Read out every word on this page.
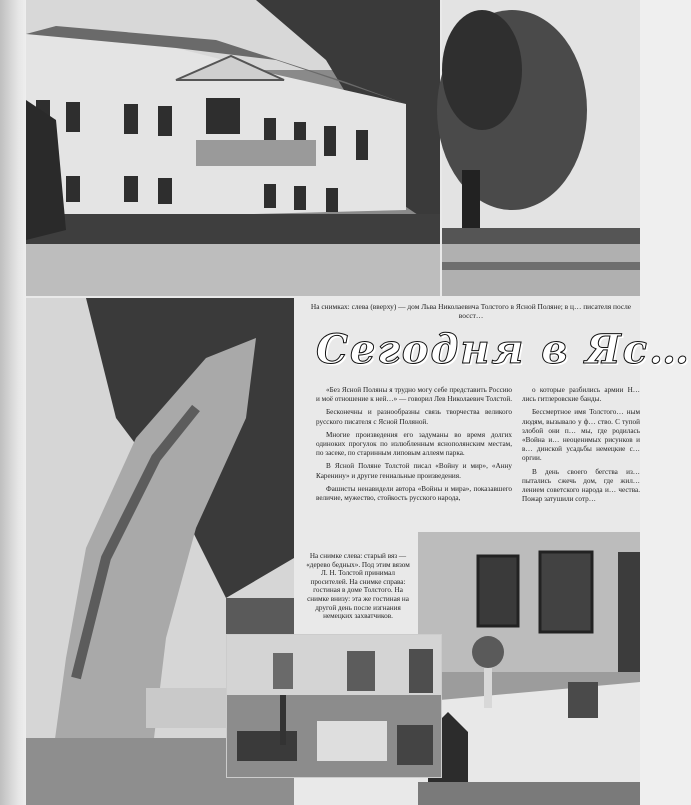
На снимках: слева (вверху) — дом Льва Николаевича Толстого в Ясной Поляне; в ц… писателя после восст…
Сегодня в Яс…

«Без Ясной Поляны я трудно могу себе представить Россию и моё отношение к ней…» — говорил Лев Николаевич Толстой.

Бесконечны и разнообразны связь творчества великого русского писателя с Ясной Поляной.

Многие произведения его задуманы во время долгих одиноких прогулок по излюбленным яснополянским местам, по засеке, по старинным липовым аллеям парка.

В Ясной Поляне Толстой писал «Войну и мир», «Анну Каренину» и другие гениальные произведения.

Фашисты ненавидели автора «Войны и мира», показавшего величие, мужество, стойкость русского народа,

о которые разбились армии Н… лись гитлеровские банды.

Бессмертное имя Толстого… ным людям, вызывало у ф… ство. С тупой злобой они п… мы, где родилась «Война и… неоценимых рисунков и в… динской усадьбы немецкие с… оргии.

В день своего бегства из… пытались сжечь дом, где жил… лением советского народа и… чества. Пожар затушили сотр…

На снимке слева: старый вяз — «дерево бедных». Под этим вязом Л. Н. Толстой принимал просителей. На снимке справа: гостиная в доме Толстого. На снимке внизу: эта же гостиная на другой день после изгнания немецких захватчиков.
